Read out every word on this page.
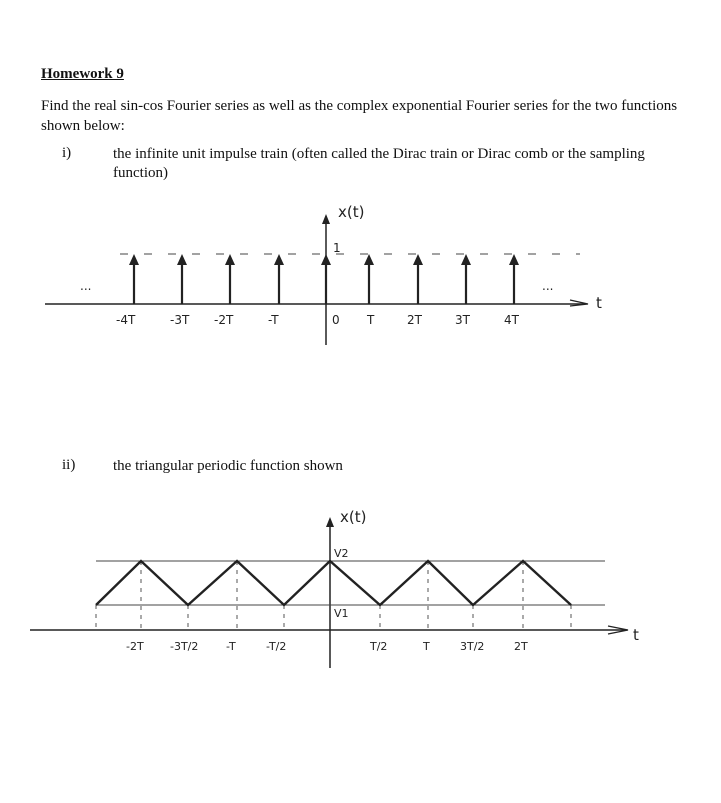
Homework 9
Find the real sin-cos Fourier series as well as the complex exponential Fourier series for the two functions shown below:
i)	the infinite unit impulse train (often called the Dirac train or Dirac comb or the sampling function)
ii)	the triangular periodic function shown
x(t)
1
...	...
t
-4T	-3T -2T	-T	0 T	2T	3T	4T
x(t)
V2
V1
t
-2T -3T/2	-T	-T/2	T/2	T	3T/2	2T
